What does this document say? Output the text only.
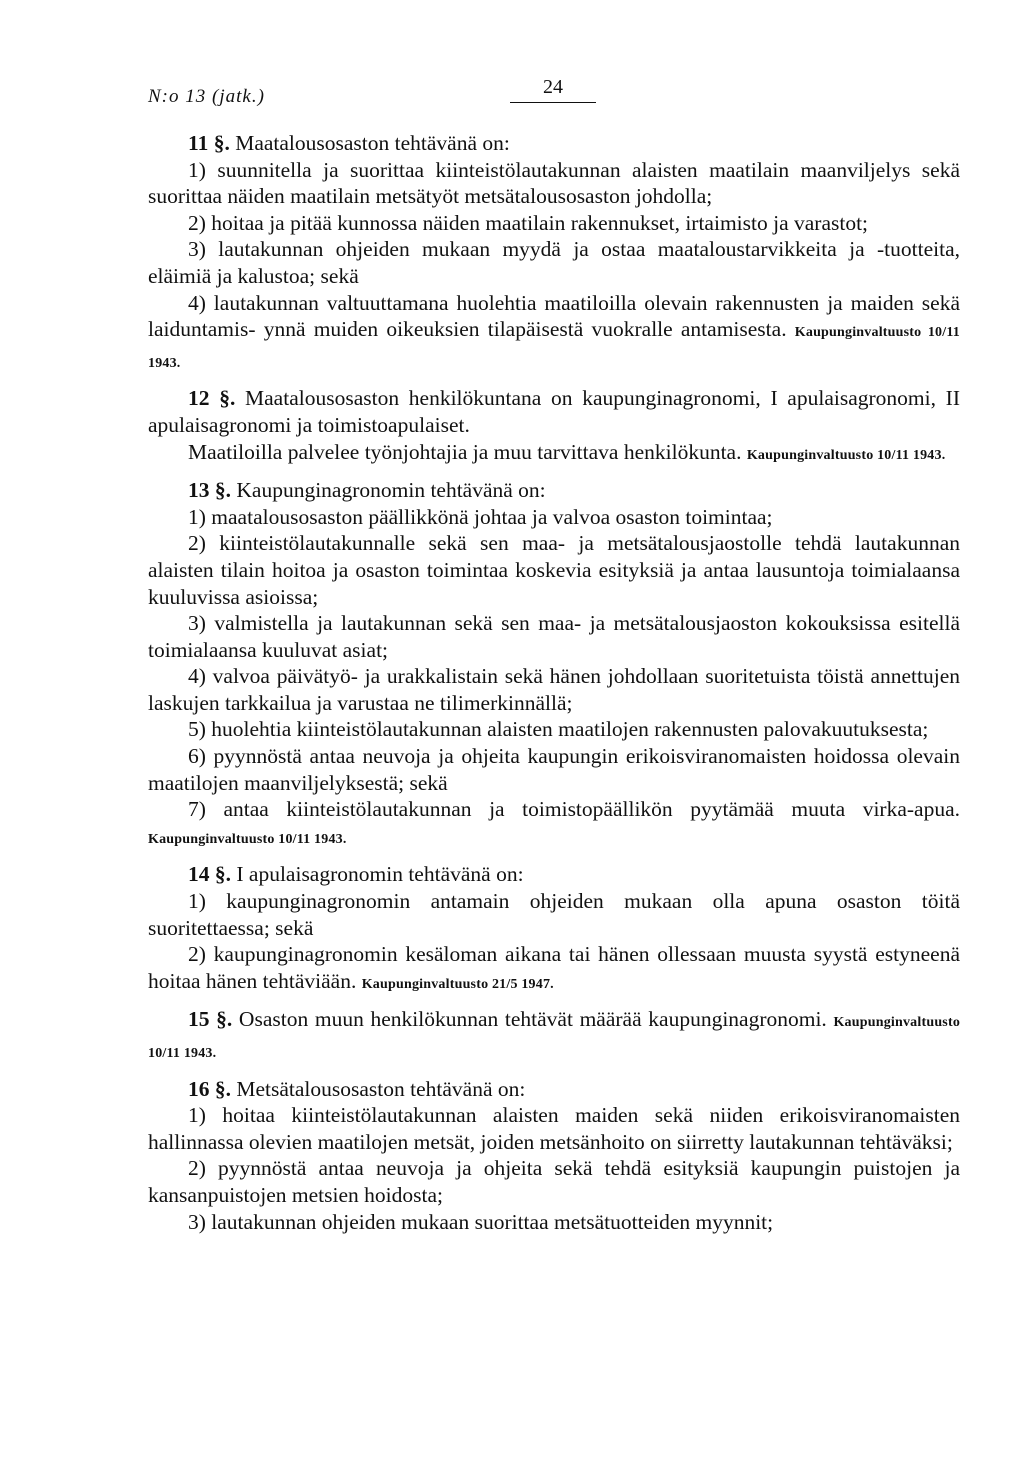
N:o 13 (jatk.)	24

11 §. Maatalousosaston tehtävänä on:

1) suunnitella ja suorittaa kiinteistölautakunnan alaisten maatilain maanviljelys sekä suorittaa näiden maatilain metsätyöt metsätalousosaston johdolla;

2) hoitaa ja pitää kunnossa näiden maatilain rakennukset, irtaimisto ja varastot;

3) lautakunnan ohjeiden mukaan myydä ja ostaa maataloustarvikkeita ja -tuotteita, eläimiä ja kalustoa; sekä

4) lautakunnan valtuuttamana huolehtia maatiloilla olevain rakennusten ja maiden sekä laiduntamis- ynnä muiden oikeuksien tilapäisestä vuokralle antamisesta. Kaupunginvaltuusto 10/11 1943.

12 §. Maatalousosaston henkilökuntana on kaupunginagronomi, I apulaisagronomi, II apulaisagronomi ja toimistoapulaiset.

Maatiloilla palvelee työnjohtajia ja muu tarvittava henkilökunta. Kaupunginvaltuusto 10/11 1943.

13 §. Kaupunginagronomin tehtävänä on:

1) maatalousosaston päällikkönä johtaa ja valvoa osaston toimintaa;

2) kiinteistölautakunnalle sekä sen maa- ja metsätalousjaostolle tehdä lautakunnan alaisten tilain hoitoa ja osaston toimintaa koskevia esityksiä ja antaa lausuntoja toimialaansa kuuluvissa asioissa;

3) valmistella ja lautakunnan sekä sen maa- ja metsätalousjaoston kokouksissa esitellä toimialaansa kuuluvat asiat;

4) valvoa päivätyö- ja urakkalistain sekä hänen johdollaan suoritetuista töistä annettujen laskujen tarkkailua ja varustaa ne tilimerkinnällä;

5) huolehtia kiinteistölautakunnan alaisten maatilojen rakennusten palovakuutuksesta;

6) pyynnöstä antaa neuvoja ja ohjeita kaupungin erikoisviranomaisten hoidossa olevain maatilojen maanviljelyksestä; sekä

7) antaa kiinteistölautakunnan ja toimistopäällikön pyytämää muuta virka-apua. Kaupunginvaltuusto 10/11 1943.

14 §. I apulaisagronomin tehtävänä on:

1) kaupunginagronomin antamain ohjeiden mukaan olla apuna osaston töitä suoritettaessa; sekä

2) kaupunginagronomin kesäloman aikana tai hänen ollessaan muusta syystä estyneenä hoitaa hänen tehtäviään. Kaupunginvaltuusto 21/5 1947.

15 §. Osaston muun henkilökunnan tehtävät määrää kaupunginagronomi. Kaupunginvaltuusto 10/11 1943.

16 §. Metsätalousosaston tehtävänä on:

1) hoitaa kiinteistölautakunnan alaisten maiden sekä niiden erikoisviranomaisten hallinnassa olevien maatilojen metsät, joiden metsänhoito on siirretty lautakunnan tehtäväksi;

2) pyynnöstä antaa neuvoja ja ohjeita sekä tehdä esityksiä kaupungin puistojen ja kansanpuistojen metsien hoidosta;

3) lautakunnan ohjeiden mukaan suorittaa metsätuotteiden myynnit;
